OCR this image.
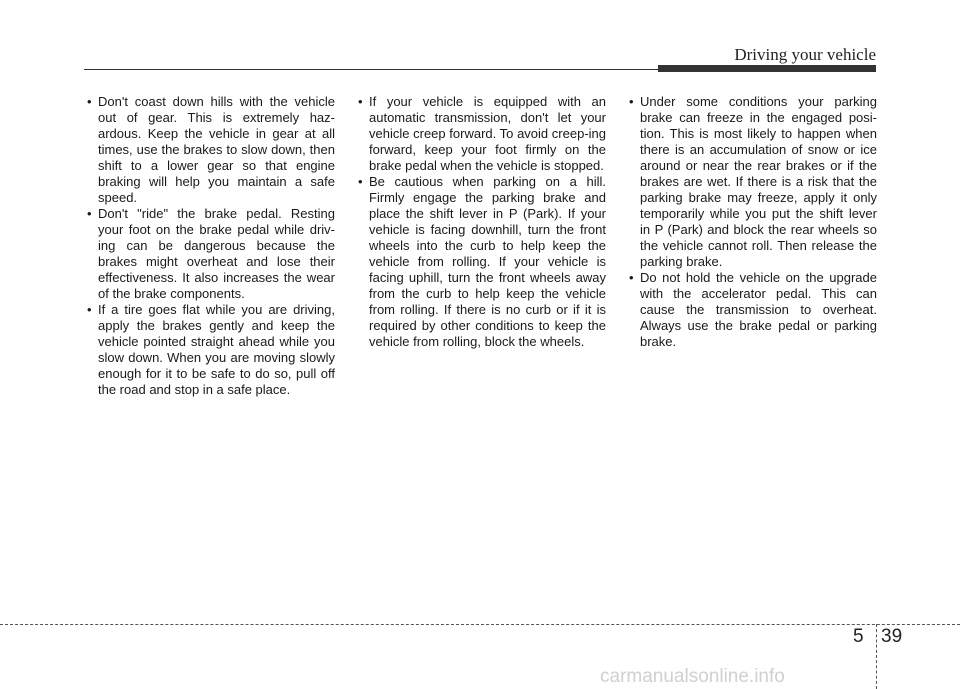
Driving your vehicle

• Don't coast down hills with the vehicle out of gear. This is extremely haz-ardous. Keep the vehicle in gear at all times, use the brakes to slow down, then shift to a lower gear so that engine braking will help you maintain a safe speed.

• Don't "ride" the brake pedal. Resting your foot on the brake pedal while driv-ing can be dangerous because the brakes might overheat and lose their effectiveness. It also increases the wear of the brake components.

• If a tire goes flat while you are driving, apply the brakes gently and keep the vehicle pointed straight ahead while you slow down. When you are moving slowly enough for it to be safe to do so, pull off the road and stop in a safe place.

• If your vehicle is equipped with an automatic transmission, don't let your vehicle creep forward. To avoid creep-ing forward, keep your foot firmly on the brake pedal when the vehicle is stopped.

• Be cautious when parking on a hill. Firmly engage the parking brake and place the shift lever in P (Park). If your vehicle is facing downhill, turn the front wheels into the curb to help keep the vehicle from rolling. If your vehicle is facing uphill, turn the front wheels away from the curb to help keep the vehicle from rolling. If there is no curb or if it is required by other conditions to keep the vehicle from rolling, block the wheels.

• Under some conditions your parking brake can freeze in the engaged posi-tion. This is most likely to happen when there is an accumulation of snow or ice around or near the rear brakes or if the brakes are wet. If there is a risk that the parking brake may freeze, apply it only temporarily while you put the shift lever in P (Park) and block the rear wheels so the vehicle cannot roll. Then release the parking brake.

• Do not hold the vehicle on the upgrade with the accelerator pedal. This can cause the transmission to overheat. Always use the brake pedal or parking brake.

5 39
carmanualsonline.info
